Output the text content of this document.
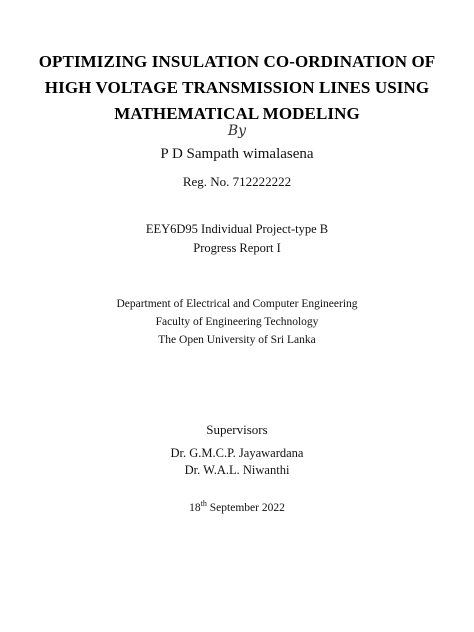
OPTIMIZING INSULATION CO-ORDINATION OF
HIGH VOLTAGE TRANSMISSION LINES USING
MATHEMATICAL MODELING
By
P D Sampath wimalasena
Reg. No. 712222222
EEY6D95 Individual Project-type B
Progress Report I
Department of Electrical and Computer Engineering
Faculty of Engineering Technology
The Open University of Sri Lanka
Supervisors
Dr. G.M.C.P. Jayawardana
Dr. W.A.L. Niwanthi
18th September 2022
